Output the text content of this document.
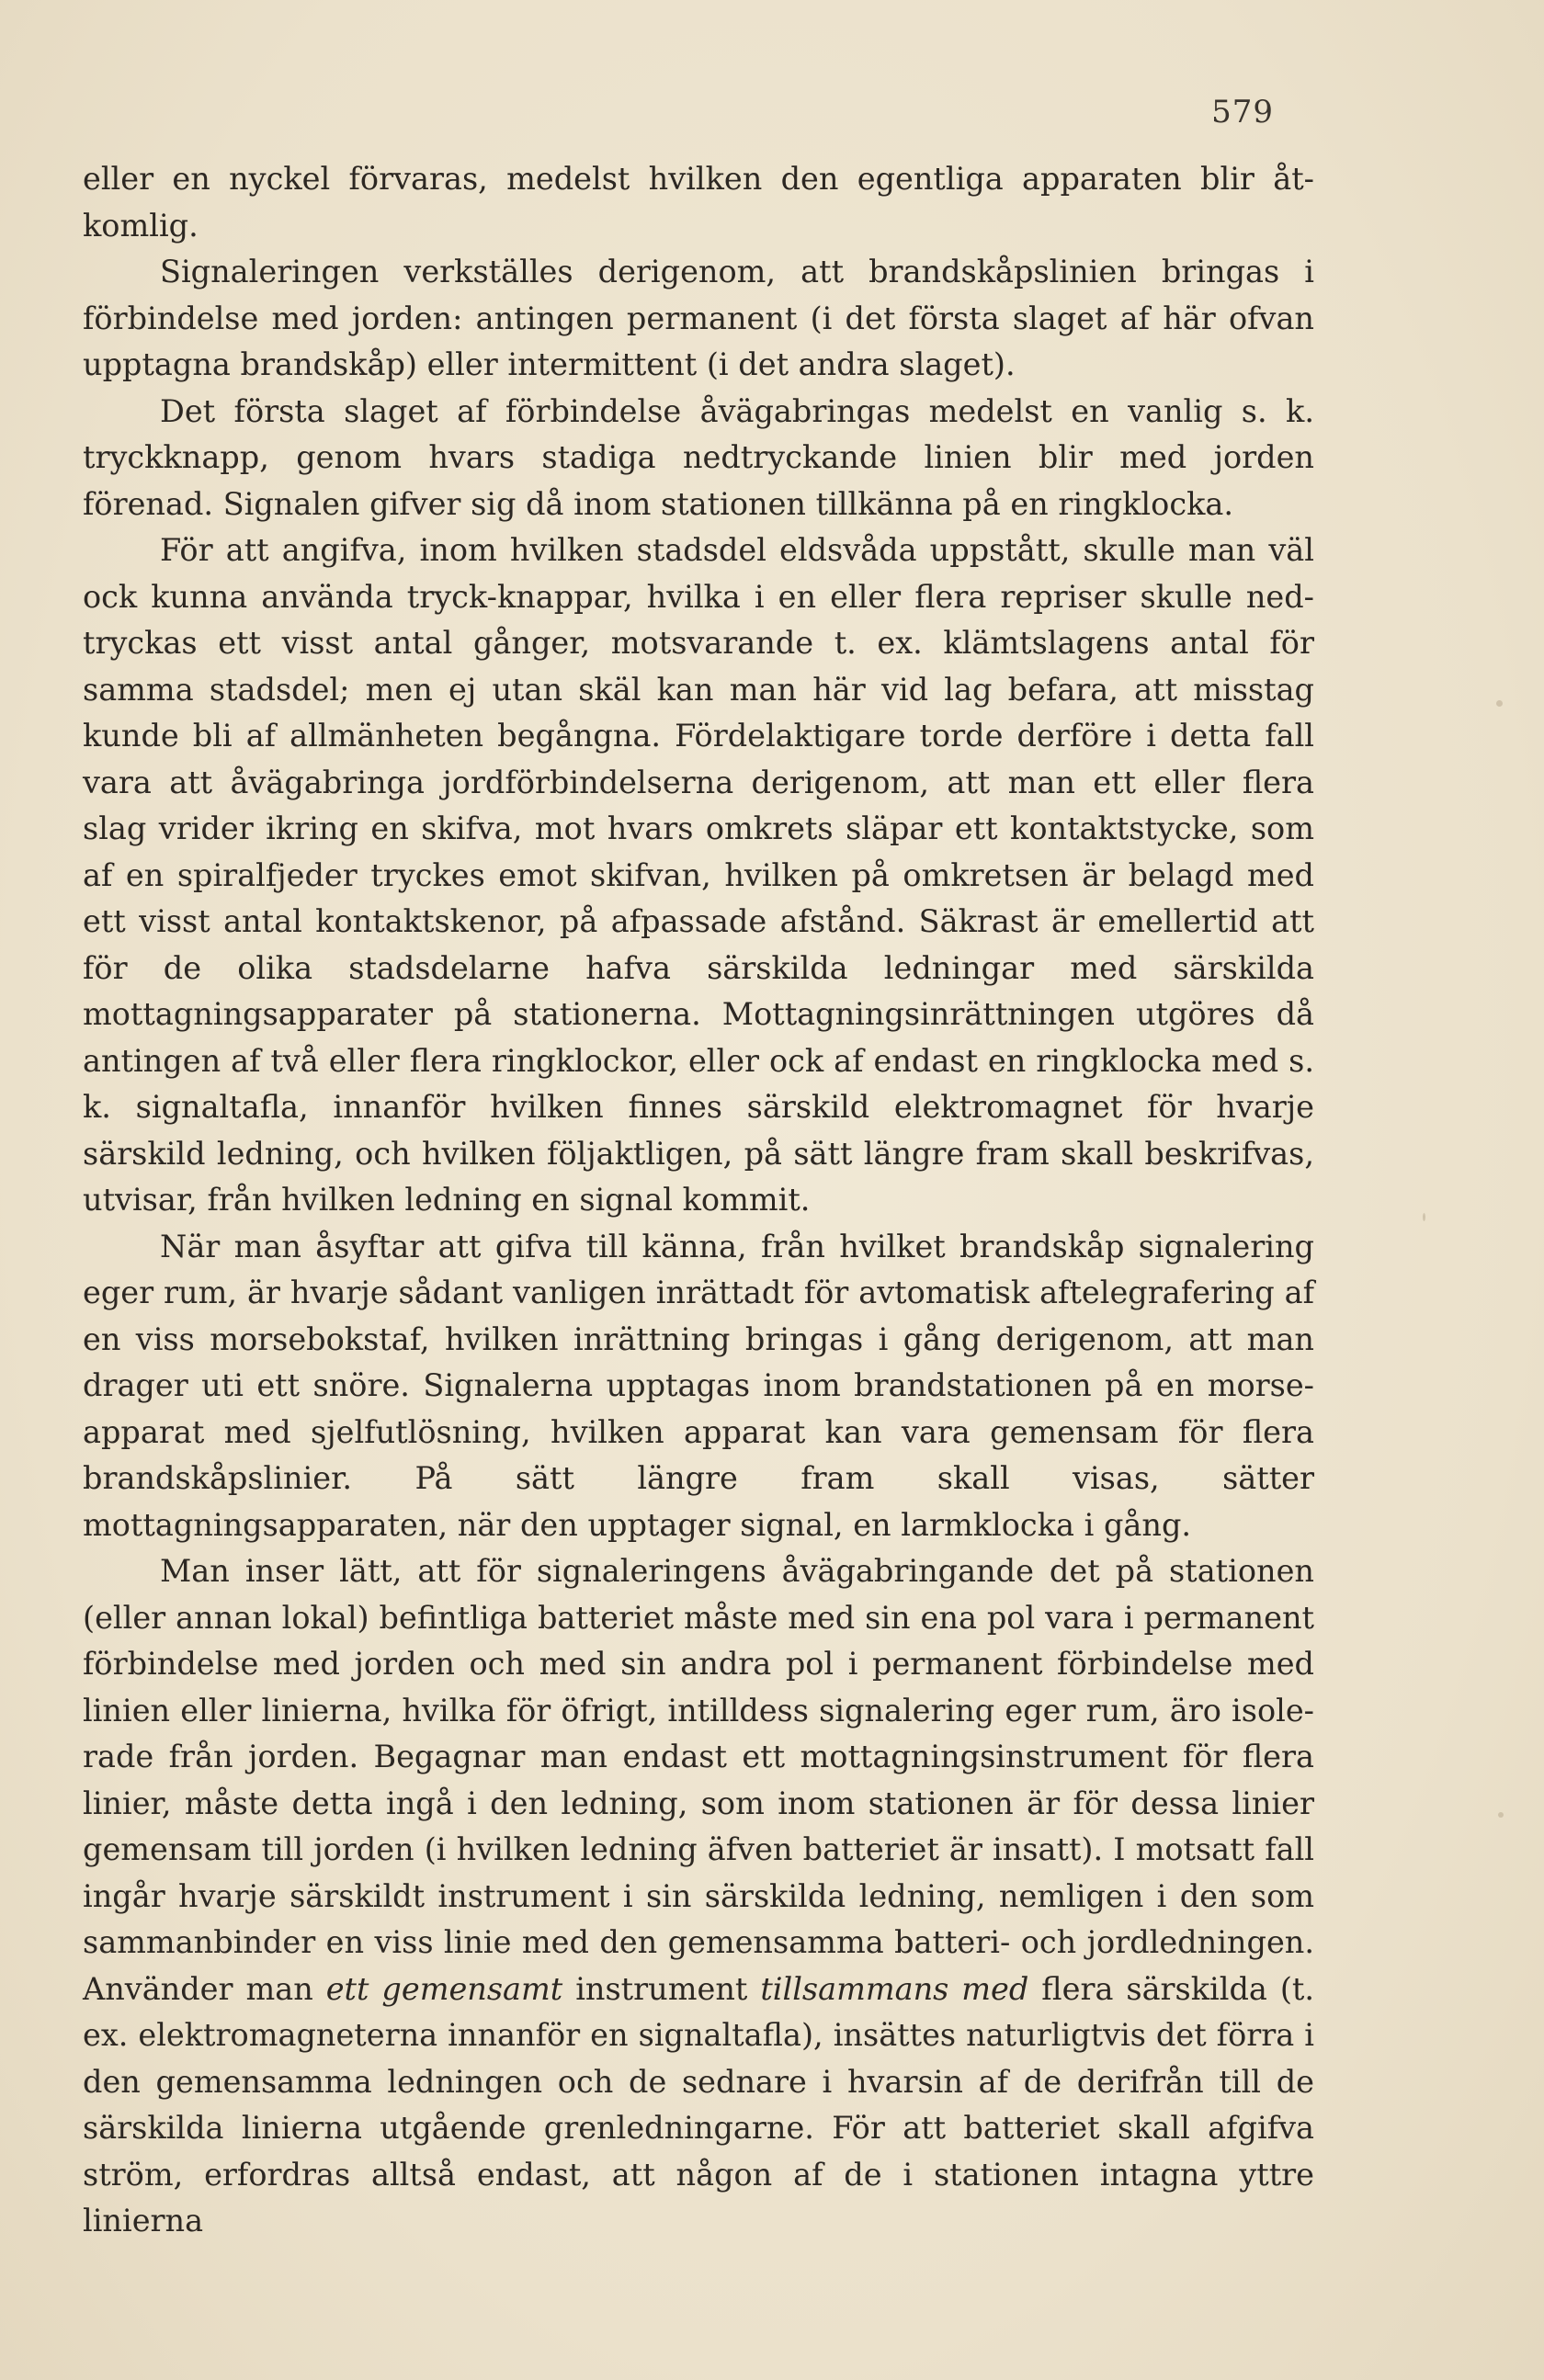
579

eller en nyckel förvaras, medelst hvilken den egentliga apparaten blir åtkomlig.

Signaleringen verkställes derigenom, att brandskåpslinien bringas i förbindelse med jorden: antingen permanent (i det första slaget af här ofvan upptagna brandskåp) eller intermittent (i det andra slaget).

Det första slaget af förbindelse åvägabringas medelst en vanlig s. k. tryckknapp, genom hvars stadiga nedtryckande linien blir med jorden förenad. Signalen gifver sig då inom stationen tillkänna på en ringklocka.

För att angifva, inom hvilken stadsdel eldsvåda uppstått, skulle man väl ock kunna använda tryck-knappar, hvilka i en eller flera repriser skulle nedtryckas ett visst antal gånger, motsvarande t. ex. klämtslagens antal för samma stadsdel; men ej utan skäl kan man här vid lag befara, att misstag kunde bli af allmänheten begångna. Fördelaktigare torde derföre i detta fall vara att åvägabringa jordförbindelserna derigenom, att man ett eller flera slag vrider ikring en skifva, mot hvars omkrets släpar ett kontaktstycke, som af en spiralfjeder tryckes emot skifvan, hvilken på omkretsen är belagd med ett visst antal kontaktskenor, på afpassade afstånd. Säkrast är emellertid att för de olika stadsdelarne hafva särskilda ledningar med särskilda mottagningsapparater på stationerna. Mottagningsinrättningen utgöres då antingen af två eller flera ringklockor, eller ock af endast en ringklocka med s. k. signaltafla, innanför hvilken finnes särskild elektromagnet för hvarje särskild ledning, och hvilken följaktligen, på sätt längre fram skall beskrifvas, utvisar, från hvilken ledning en signal kommit.

När man åsyftar att gifva till känna, från hvilket brandskåp signalering eger rum, är hvarje sådant vanligen inrättadt för avtomatisk aftelegrafering af en viss morsebokstaf, hvilken inrättning bringas i gång derigenom, att man drager uti ett snöre. Signalerna upptagas inom brandstationen på en morseapparat med sjelfutlösning, hvilken apparat kan vara gemensam för flera brandskåpslinier. På sätt längre fram skall visas, sätter mottagningsapparaten, när den upptager signal, en larmklocka i gång.

Man inser lätt, att för signaleringens åvägabringande det på stationen (eller annan lokal) befintliga batteriet måste med sin ena pol vara i permanent förbindelse med jorden och med sin andra pol i permanent förbindelse med linien eller linierna, hvilka för öfrigt, intilldess signalering eger rum, äro isolerade från jorden. Begagnar man endast ett mottagningsinstrument för flera linier, måste detta ingå i den ledning, som inom stationen är för dessa linier gemensam till jorden (i hvilken ledning äfven batteriet är insatt). I motsatt fall ingår hvarje särskildt instrument i sin särskilda ledning, nemligen i den som sammanbinder en viss linie med den gemensamma batteri- och jordledningen. Använder man ett gemensamt instrument tillsammans med flera särskilda (t. ex. elektromagneterna innanför en signaltafla), insättes naturligtvis det förra i den gemensamma ledningen och de sednare i hvarsin af de derifrån till de särskilda linierna utgående grenledningarne. För att batteriet skall afgifva ström, erfordras alltså endast, att någon af de i stationen intagna yttre linierna
